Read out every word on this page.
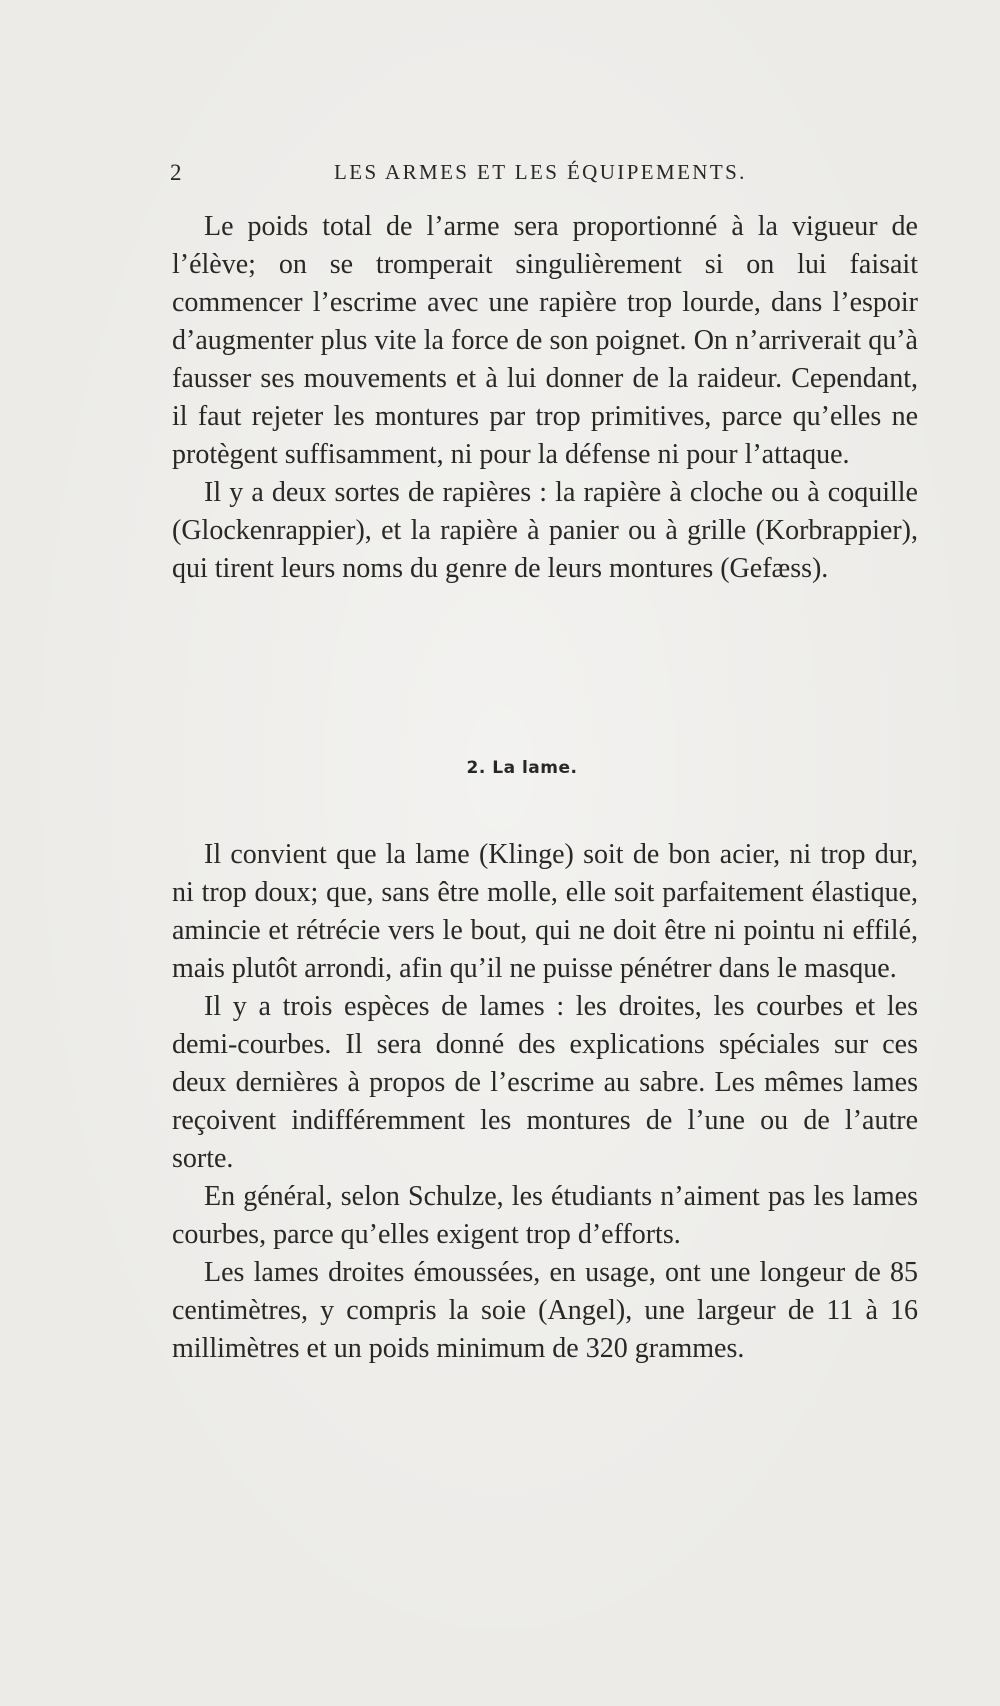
2	LES ARMES ET LES ÉQUIPEMENTS.

Le poids total de l’arme sera proportionné à la vigueur de l’élève; on se tromperait singulièrement si on lui faisait commencer l’escrime avec une rapière trop lourde, dans l’espoir d’augmenter plus vite la force de son poignet. On n’arriverait qu’à fausser ses mouvements et à lui donner de la raideur. Cependant, il faut rejeter les montures par trop primitives, parce qu’elles ne protègent suffisamment, ni pour la défense ni pour l’attaque.

Il y a deux sortes de rapières : la rapière à cloche ou à coquille (Glockenrappier), et la rapière à panier ou à grille (Korbrappier), qui tirent leurs noms du genre de leurs montures (Gefæss).

2. La lame.

Il convient que la lame (Klinge) soit de bon acier, ni trop dur, ni trop doux; que, sans être molle, elle soit parfaitement élastique, amincie et rétrécie vers le bout, qui ne doit être ni pointu ni effilé, mais plutôt arrondi, afin qu’il ne puisse pénétrer dans le masque.

Il y a trois espèces de lames : les droites, les courbes et les demi-courbes. Il sera donné des explications spéciales sur ces deux dernières à propos de l’escrime au sabre. Les mêmes lames reçoivent indifféremment les montures de l’une ou de l’autre sorte.

En général, selon Schulze, les étudiants n’aiment pas les lames courbes, parce qu’elles exigent trop d’efforts.

Les lames droites émoussées, en usage, ont une longeur de 85 centimètres, y compris la soie (Angel), une largeur de 11 à 16 millimètres et un poids minimum de 320 grammes.
